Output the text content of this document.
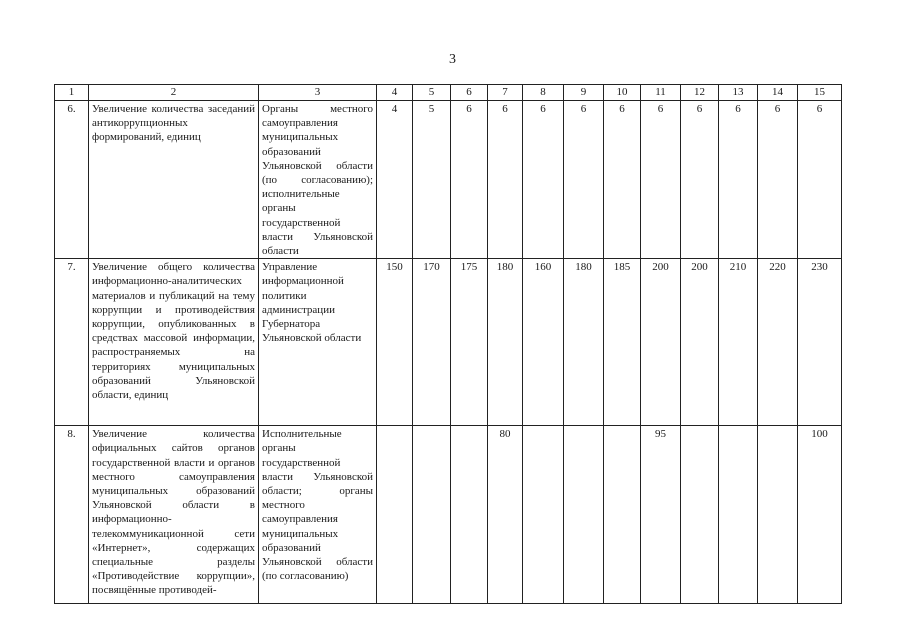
3
1	2	3	4	5	6	7	8	9	10	11	12	13	14	15
6.	Увеличение количества заседаний антикоррупционных формирований, единиц	Органы местного самоуправления муниципальных образований Ульяновской области (по согласованию); исполнительные органы государственной власти Ульяновской области	4	5	6	6	6	6	6	6	6	6	6	6
7.	Увеличение общего количества информационно-аналитических материалов и публикаций на тему коррупции и противодействия коррупции, опубликованных в средствах массовой информации, распространяемых на территориях муниципальных образований Ульяновской области, единиц	Управление информационной политики администрации Губернатора Ульяновской области	150	170	175	180	160	180	185	200	200	210	220	230
8.	Увеличение количества официальных сайтов органов государственной власти и органов местного самоуправления муниципальных образований Ульяновской области в информационно-телекоммуникационной сети «Интернет», содержащих специальные разделы «Противодействие коррупции», посвящённые противодей-	Исполнительные органы государственной власти Ульяновской области; органы местного самоуправления муниципальных образований Ульяновской области (по согласованию)				80				95				100
